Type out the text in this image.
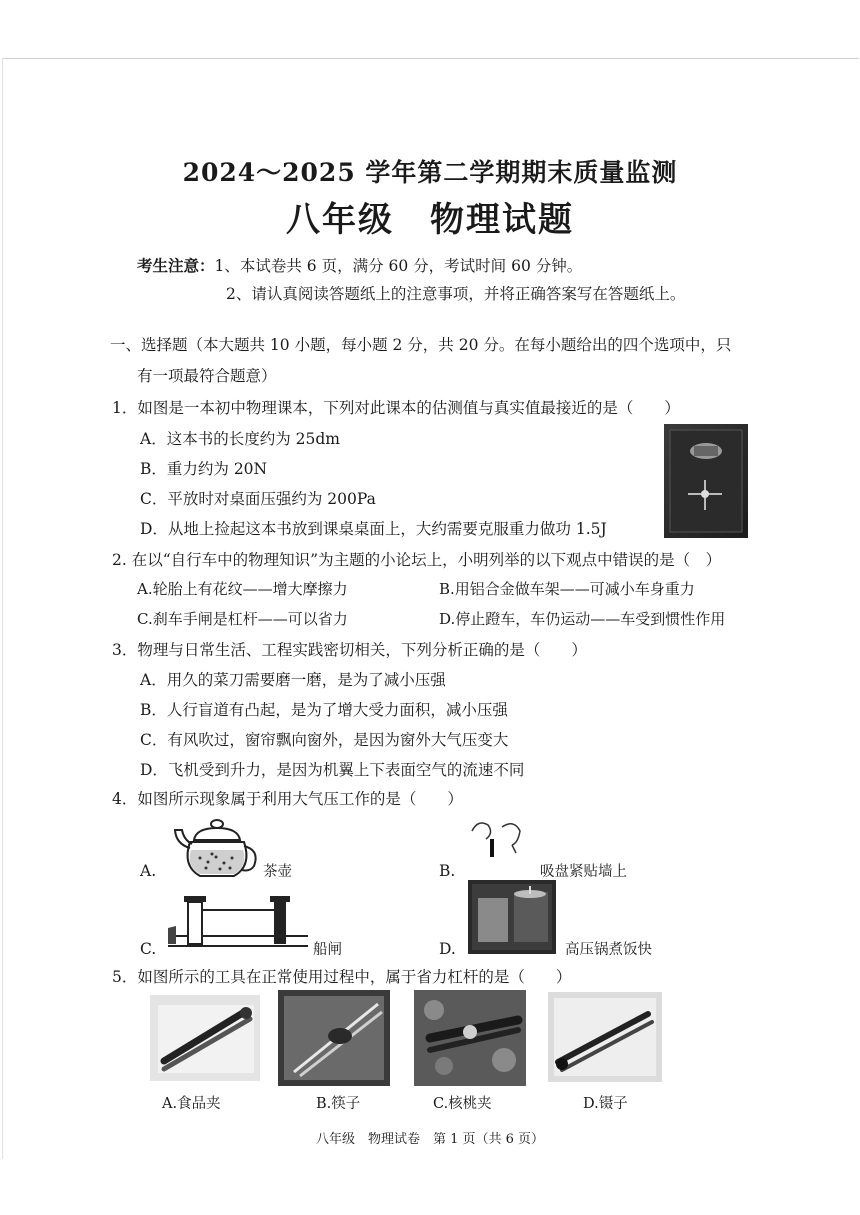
2024～2025 学年第二学期期末质量监测
八年级　物理试题
考生注意：1、本试卷共 6 页，满分 60 分，考试时间 60 分钟。
2、请认真阅读答题纸上的注意事项，并将正确答案写在答题纸上。
一、选择题（本大题共 10 小题，每小题 2 分，共 20 分。在每小题给出的四个选项中，只
有一项最符合题意）
1．如图是一本初中物理课本，下列对此课本的估测值与真实值最接近的是（　　）
A．这本书的长度约为 25dm
B．重力约为 20N
C．平放时对桌面压强约为 200Pa
D．从地上捡起这本书放到课桌桌面上，大约需要克服重力做功 1.5J
2. 在以“自行车中的物理知识”为主题的小论坛上，小明列举的以下观点中错误的是（　）
A.轮胎上有花纹——增大摩擦力	B.用铝合金做车架——可减小车身重力
C.刹车手闸是杠杆——可以省力	D.停止蹬车，车仍运动——车受到惯性作用
3．物理与日常生活、工程实践密切相关，下列分析正确的是（　　）
A．用久的菜刀需要磨一磨，是为了减小压强
B．人行盲道有凸起，是为了增大受力面积，减小压强
C．有风吹过，窗帘飘向窗外，是因为窗外大气压变大
D．飞机受到升力，是因为机翼上下表面空气的流速不同
4．如图所示现象属于利用大气压工作的是（　　）
A.	茶壶	B.	吸盘紧贴墙上
C.	船闸	D.	高压锅煮饭快
5．如图所示的工具在正常使用过程中，属于省力杠杆的是（　　）
A.食品夹	B.筷子	C.核桃夹	D.镊子
八年级　物理试卷　第 1 页（共 6 页）
